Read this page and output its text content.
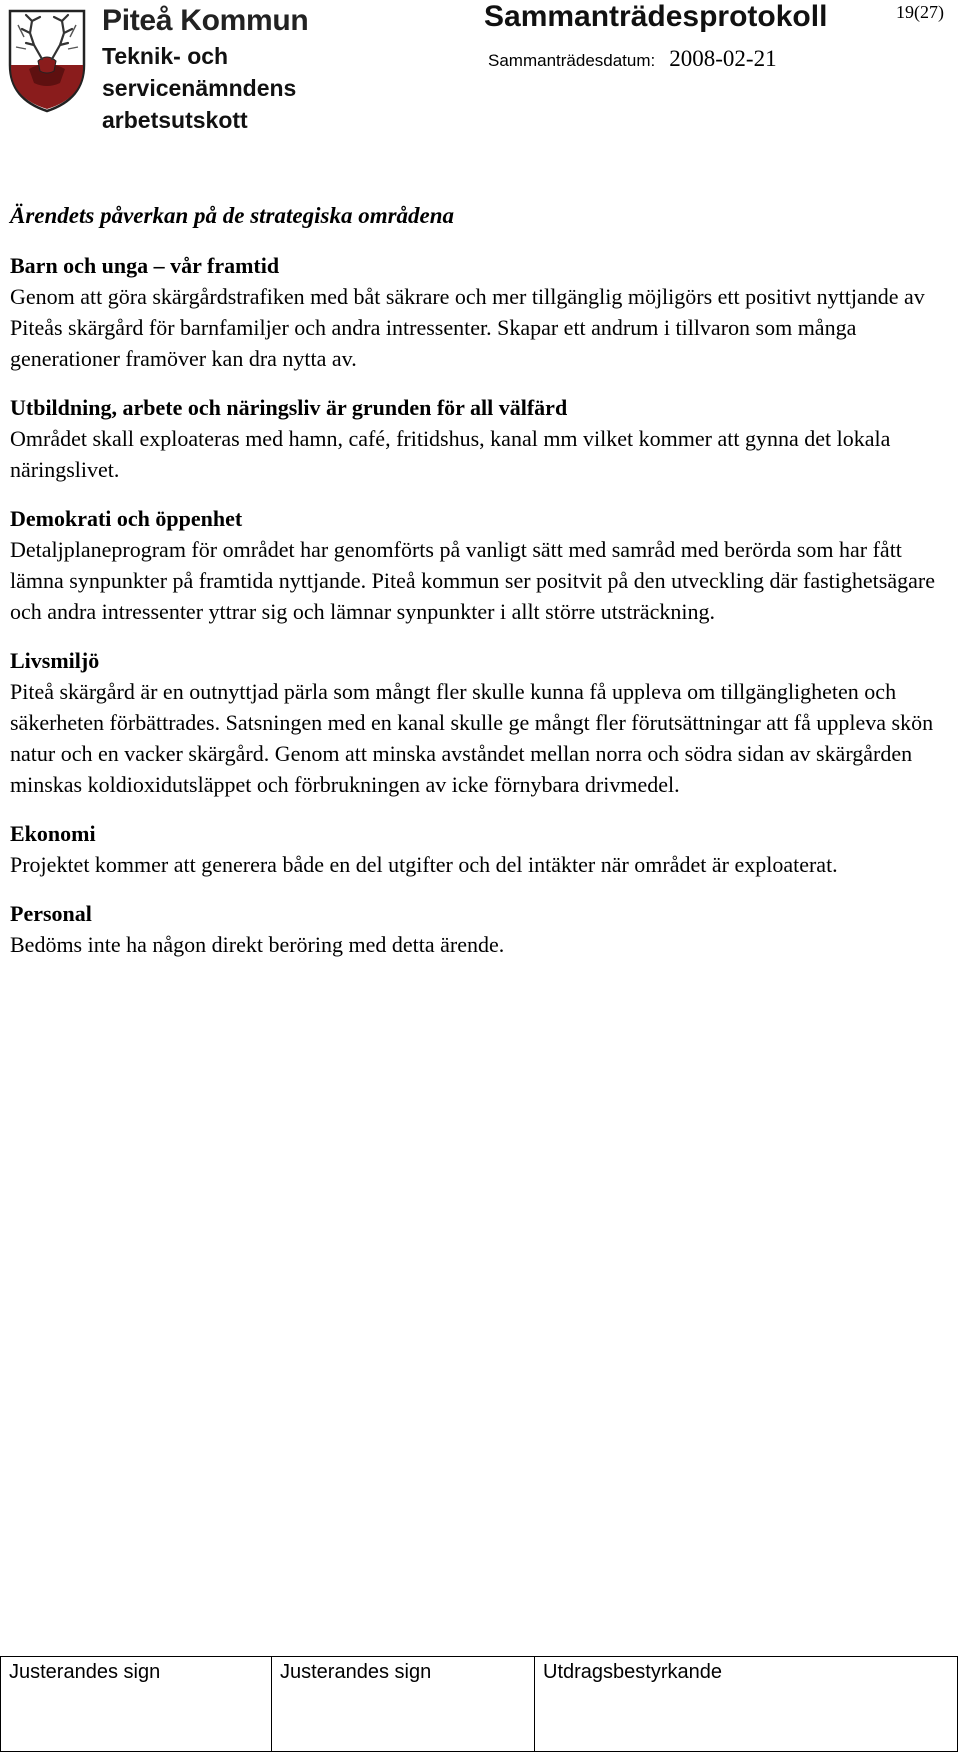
Piteå Kommun
Teknik- och
servicenämndens
arbetsutskott
Sammanträdesprotokoll
Sammanträdesdatum: 2008-02-21
19(27)
Ärendets påverkan på de strategiska områdena
Barn och unga – vår framtid

Genom att göra skärgårdstrafiken med båt säkrare och mer tillgänglig möjligörs ett positivt nyttjande av Piteås skärgård för barnfamiljer och andra intressenter. Skapar ett andrum i tillvaron som många generationer framöver kan dra nytta av.

Utbildning, arbete och näringsliv är grunden för all välfärd

Området skall exploateras med hamn, café, fritidshus, kanal mm vilket kommer att gynna det lokala näringslivet.

Demokrati och öppenhet

Detaljplaneprogram för området har genomförts på vanligt sätt med samråd med berörda som har fått lämna synpunkter på framtida nyttjande. Piteå kommun ser positvit på den utveckling där fastighetsägare och andra intressenter yttrar sig och lämnar synpunkter i allt större utsträckning.

Livsmiljö

Piteå skärgård är en outnyttjad pärla som mångt fler skulle kunna få uppleva om tillgängligheten och säkerheten förbättrades. Satsningen med en kanal skulle ge mångt fler förutsättningar att få uppleva skön natur och en vacker skärgård. Genom att minska avståndet mellan norra och södra sidan av skärgården minskas koldioxidutsläppet och förbrukningen av icke förnybara drivmedel.

Ekonomi

Projektet kommer att generera både en del utgifter och del intäkter när området är exploaterat.

Personal

Bedöms inte ha någon direkt beröring med detta ärende.

Justerandes sign	Justerandes sign	Utdragsbestyrkande
